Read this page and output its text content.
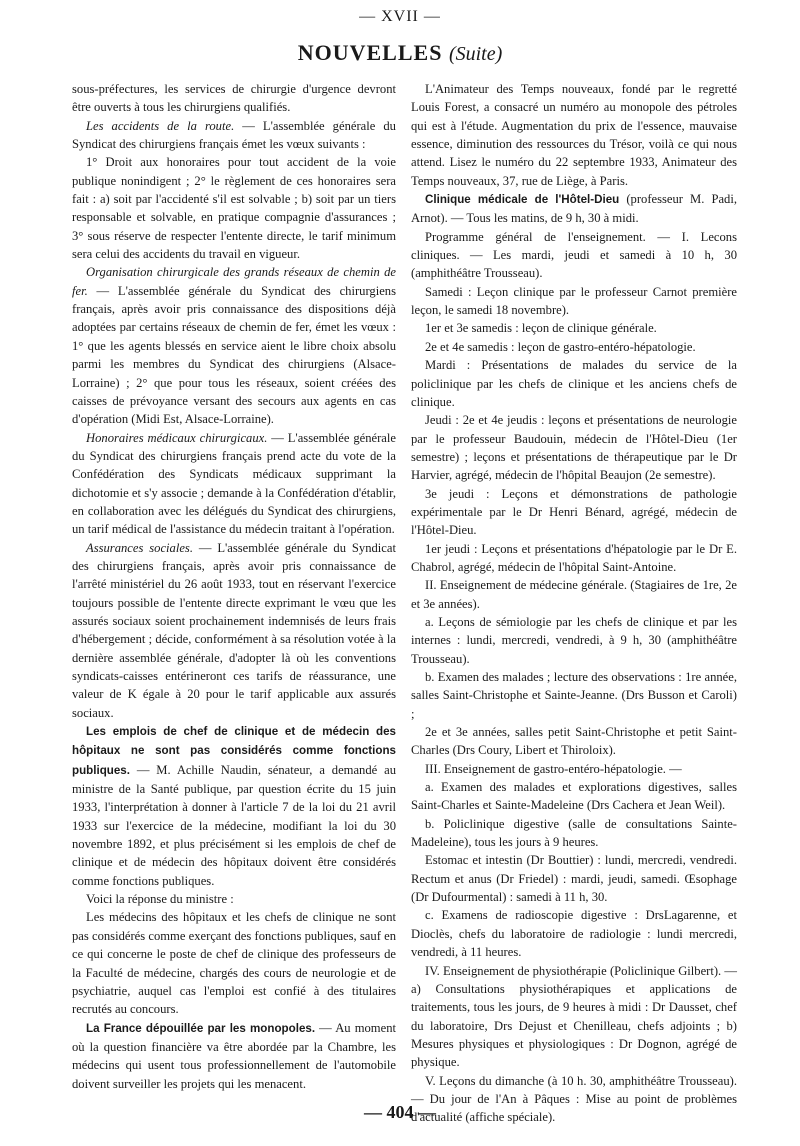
— XVII —
NOUVELLES (Suite)

sous-préfectures, les services de chirurgie d'urgence devront être ouverts à tous les chirurgiens qualifiés.

Les accidents de la route. — L'assemblée générale du Syndicat des chirurgiens français émet les vœux suivants :

1° Droit aux honoraires pour tout accident de la voie publique nonindigent ; 2° le règlement de ces honoraires sera fait : a) soit par l'accidenté s'il est solvable ; b) soit par un tiers responsable et solvable, en pratique compagnie d'assurances ; 3° sous réserve de respecter l'entente directe, le tarif minimum sera celui des accidents du travail en vigueur.

Organisation chirurgicale des grands réseaux de chemin de fer. — L'assemblée générale du Syndicat des chirurgiens français, après avoir pris connaissance des dispositions déjà adoptées par certains réseaux de chemin de fer, émet les vœux : 1° que les agents blessés en service aient le libre choix absolu parmi les membres du Syndicat des chirurgiens (Alsace-Lorraine) ; 2° que pour tous les réseaux, soient créées des caisses de prévoyance versant des secours aux agents en cas d'opération (Midi Est, Alsace-Lorraine).

Honoraires médicaux chirurgicaux. — L'assemblée générale du Syndicat des chirurgiens français prend acte du vote de la Confédération des Syndicats médicaux supprimant la dichotomie et s'y associe ; demande à la Confédération d'établir, en collaboration avec les délégués du Syndicat des chirurgiens, un tarif médical de l'assistance du médecin traitant à l'opération.

Assurances sociales. — L'assemblée générale du Syndicat des chirurgiens français, après avoir pris connaissance de l'arrêté ministériel du 26 août 1933, tout en réservant l'exercice toujours possible de l'entente directe exprimant le vœu que les assurés sociaux soient prochainement indemnisés de leurs frais d'hébergement ; décide, conformément à sa résolution votée à la dernière assemblée générale, d'adopter là où les conventions syndicats-caisses entérineront ces tarifs de réassurance, une valeur de K égale à 20 pour le tarif applicable aux assurés sociaux.

Les emplois de chef de clinique et de médecin des hôpitaux ne sont pas considérés comme fonctions publiques. — M. Achille Naudin, sénateur, a demandé au ministre de la Santé publique, par question écrite du 15 juin 1933, l'interprétation à donner à l'article 7 de la loi du 21 avril 1933 sur l'exercice de la médecine, modifiant la loi du 30 novembre 1892, et plus précisément si les emplois de chef de clinique et de médecin des hôpitaux doivent être considérés comme fonctions publiques.

Voici la réponse du ministre :

Les médecins des hôpitaux et les chefs de clinique ne sont pas considérés comme exerçant des fonctions publiques, sauf en ce qui concerne le poste de chef de clinique des professeurs de la Faculté de médecine, chargés des cours de neurologie et de psychiatrie, auquel cas l'emploi est confié à des titulaires recrutés au concours.

La France dépouillée par les monopoles. — Au moment où la question financière va être abordée par la Chambre, les médecins qui usent tous professionnellement de l'automobile doivent surveiller les projets qui les menacent.

L'Animateur des Temps nouveaux, fondé par le regretté Louis Forest, a consacré un numéro au monopole des pétroles qui est à l'étude. Augmentation du prix de l'essence, mauvaise essence, diminution des ressources du Trésor, voilà ce qui nous attend. Lisez le numéro du 22 septembre 1933, Animateur des Temps nouveaux, 37, rue de Liège, à Paris.

Clinique médicale de l'Hôtel-Dieu (professeur M. Padi, Arnot). — Tous les matins, de 9 h, 30 à midi.

Programme général de l'enseignement. — I. Lecons cliniques. — Les mardi, jeudi et samedi à 10 h, 30 (amphithéâtre Trousseau).

Samedi : Leçon clinique par le professeur Carnot première leçon, le samedi 18 novembre).

1er et 3e samedis : leçon de clinique générale.

2e et 4e samedis : leçon de gastro-entéro-hépatologie.

Mardi : Présentations de malades du service de la policlinique par les chefs de clinique et les anciens chefs de clinique.

Jeudi : 2e et 4e jeudis : leçons et présentations de neurologie par le professeur Baudouin, médecin de l'Hôtel-Dieu (1er semestre) ; leçons et présentations de thérapeutique par le Dr Harvier, agrégé, médecin de l'hôpital Beaujon (2e semestre).

3e jeudi : Leçons et démonstrations de pathologie expérimentale par le Dr Henri Bénard, agrégé, médecin de l'Hôtel-Dieu.

1er jeudi : Leçons et présentations d'hépatologie par le Dr E. Chabrol, agrégé, médecin de l'hôpital Saint-Antoine.

II. Enseignement de médecine générale. (Stagiaires de 1re, 2e et 3e années).

a. Leçons de sémiologie par les chefs de clinique et par les internes : lundi, mercredi, vendredi, à 9 h, 30 (amphithéâtre Trousseau).

b. Examen des malades ; lecture des observations : 1re année, salles Saint-Christophe et Sainte-Jeanne. (Drs Busson et Caroli) ;

2e et 3e années, salles petit Saint-Christophe et petit Saint-Charles (Drs Coury, Libert et Thiroloix).

III. Enseignement de gastro-entéro-hépatologie. —

a. Examen des malades et explorations digestives, salles Saint-Charles et Sainte-Madeleine (Drs Cachera et Jean Weil).

b. Policlinique digestive (salle de consultations Sainte-Madeleine), tous les jours à 9 heures.

Estomac et intestin (Dr Bouttier) : lundi, mercredi, vendredi. Rectum et anus (Dr Friedel) : mardi, jeudi, samedi. Œsophage (Dr Dufourmental) : samedi à 11 h, 30.

c. Examens de radioscopie digestive : DrsLagarenne, et Dioclès, chefs du laboratoire de radiologie : lundi mercredi, vendredi, à 11 heures.

IV. Enseignement de physiothérapie (Policlinique Gilbert). — a) Consultations physiothérapiques et applications de traitements, tous les jours, de 9 heures à midi : Dr Dausset, chef du laboratoire, Drs Dejust et Chenilleau, chefs adjoints ; b) Mesures physiques et physiologiques : Dr Dognon, agrégé de physique.

V. Leçons du dimanche (à 10 h. 30, amphithéâtre Trousseau). — Du jour de l'An à Pâques : Mise au point de problèmes d'actualité (affiche spéciale).

— 404 —
